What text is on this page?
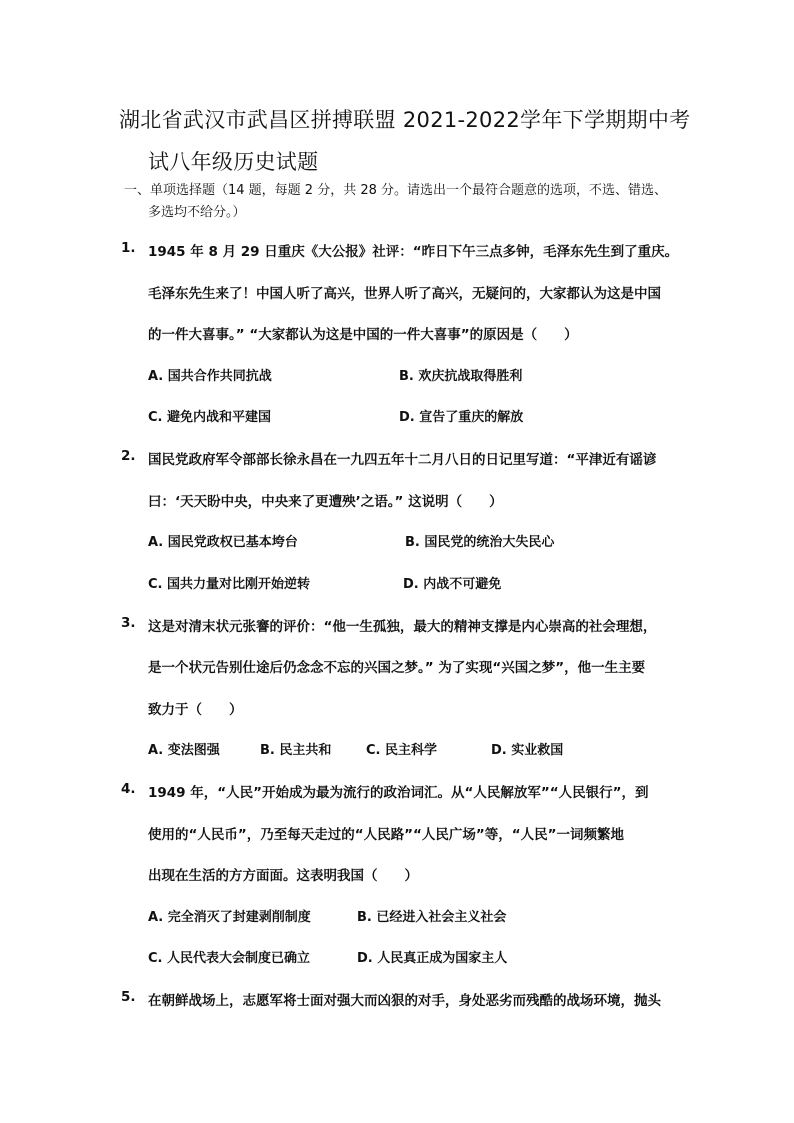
湖北省武汉市武昌区拼搏联盟 2021-2022学年下学期期中考
试八年级历史试题
一、单项选择题（14 题，每题 2 分，共 28 分。请选出一个最符合题意的选项，不选、错选、
多选均不给分。）
1. 1945 年 8 月 29 日重庆《大公报》社评：“昨日下午三点多钟，毛泽东先生到了重庆。
毛泽东先生来了！中国人听了高兴，世界人听了高兴，无疑问的，大家都认为这是中国
的一件大喜事。” “大家都认为这是中国的一件大喜事”的原因是（　　）
A. 国共合作共同抗战	B. 欢庆抗战取得胜利
C. 避免内战和平建国	D. 宣告了重庆的解放
2. 国民党政府军令部部长徐永昌在一九四五年十二月八日的日记里写道：“平津近有谣谚
曰：‘天天盼中央，中央来了更遭殃’之语。” 这说明（　　）
A. 国民党政权已基本垮台	B. 国民党的统治大失民心
C. 国共力量对比刚开始逆转	D. 内战不可避免
3. 这是对清末状元张謇的评价：“他一生孤独，最大的精神支撑是内心崇高的社会理想，
是一个状元告别仕途后仍念念不忘的兴国之梦。” 为了实现“兴国之梦”，他一生主要
致力于（　　）
A. 变法图强	B. 民主共和	C. 民主科学	D. 实业救国
4. 1949 年，“人民”开始成为最为流行的政治词汇。从“人民解放军”“人民银行”，到
使用的“人民币”，乃至每天走过的“人民路”“人民广场”等，“人民”一词频繁地
出现在生活的方方面面。这表明我国（　　）
A. 完全消灭了封建剥削制度	B. 已经进入社会主义社会
C. 人民代表大会制度已确立	D. 人民真正成为国家主人
5. 在朝鲜战场上，志愿军将士面对强大而凶狠的对手，身处恶劣而残酷的战场环境，抛头
